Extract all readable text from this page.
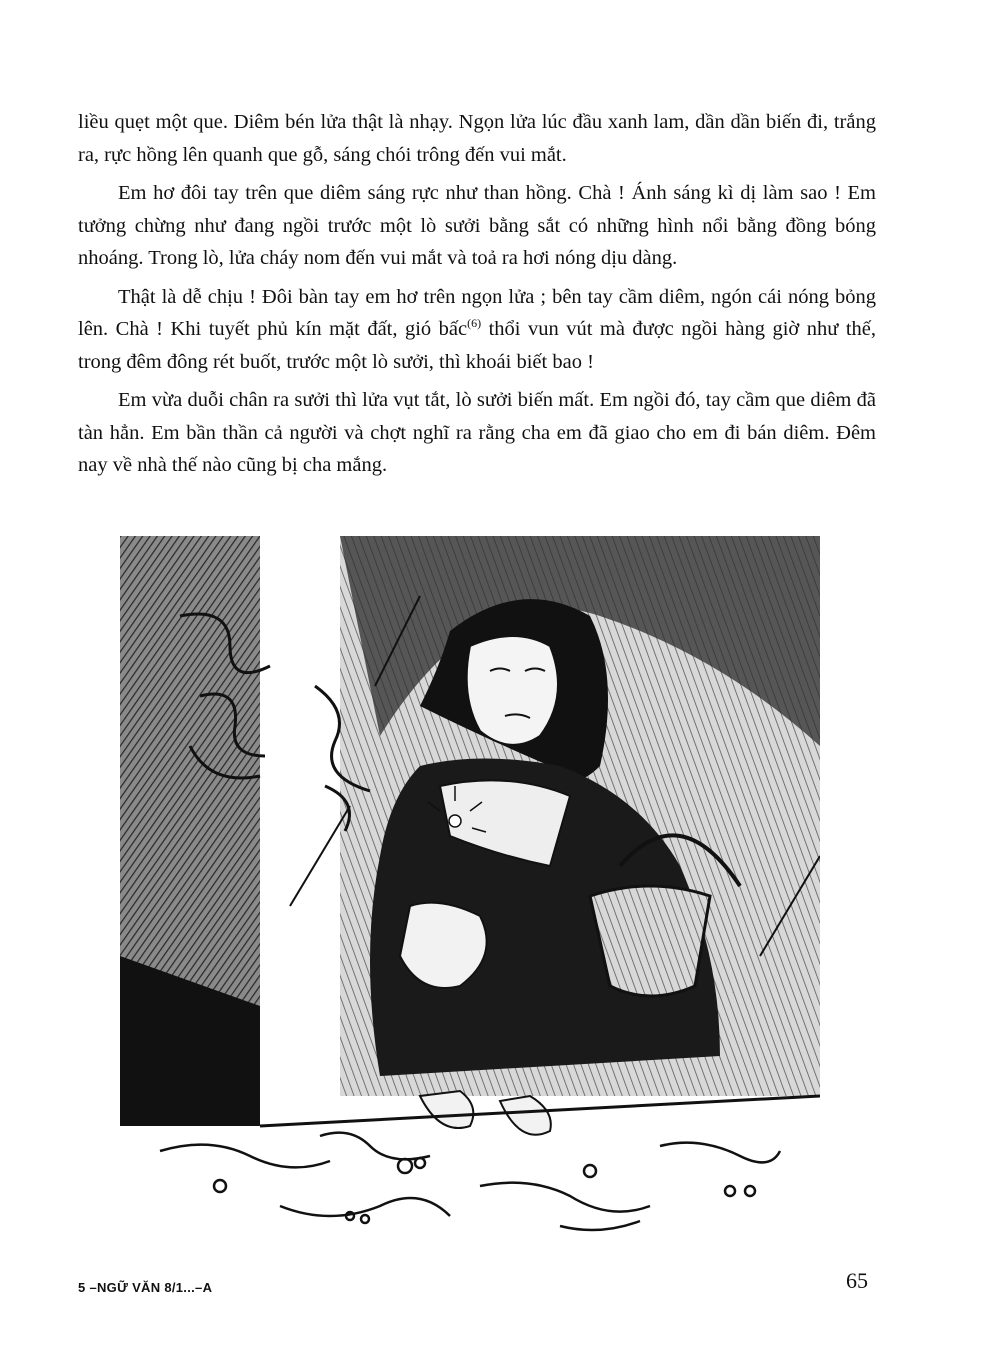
liều quẹt một que. Diêm bén lửa thật là nhạy. Ngọn lửa lúc đầu xanh lam, dần dần biến đi, trắng ra, rực hồng lên quanh que gỗ, sáng chói trông đến vui mắt.

Em hơ đôi tay trên que diêm sáng rực như than hồng. Chà ! Ánh sáng kì dị làm sao ! Em tưởng chừng như đang ngồi trước một lò sưởi bằng sắt có những hình nổi bằng đồng bóng nhoáng. Trong lò, lửa cháy nom đến vui mắt và toả ra hơi nóng dịu dàng.

Thật là dễ chịu ! Đôi bàn tay em hơ trên ngọn lửa ; bên tay cầm diêm, ngón cái nóng bỏng lên. Chà ! Khi tuyết phủ kín mặt đất, gió bấc$^{(6)}$ thổi vun vút mà được ngồi hàng giờ như thế, trong đêm đông rét buốt, trước một lò sưởi, thì khoái biết bao !

Em vừa duỗi chân ra sưởi thì lửa vụt tắt, lò sưởi biến mất. Em ngồi đó, tay cầm que diêm đã tàn hẳn. Em bần thần cả người và chợt nghĩ ra rằng cha em đã giao cho em đi bán diêm. Đêm nay về nhà thế nào cũng bị cha mắng.

5 –NGỮ VĂN 8/1...–A	65
